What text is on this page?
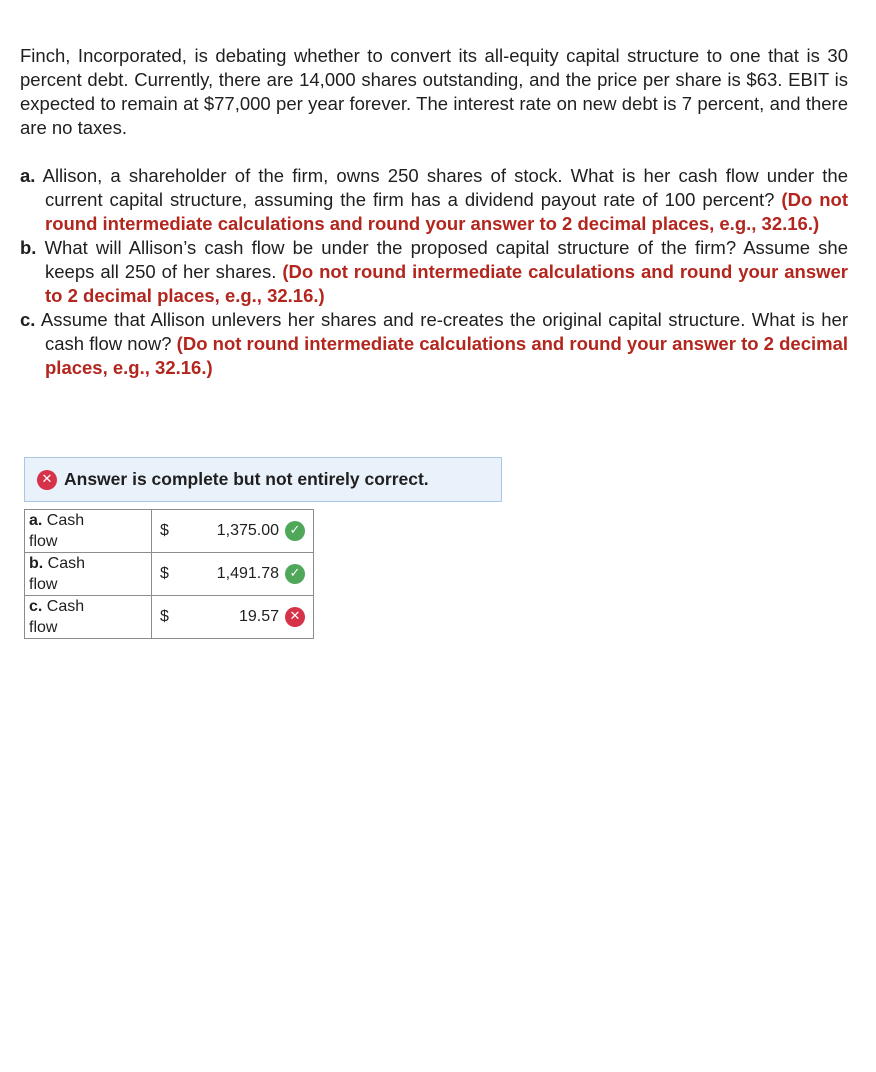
Finch, Incorporated, is debating whether to convert its all-equity capital structure to one that is 30 percent debt. Currently, there are 14,000 shares outstanding, and the price per share is $63. EBIT is expected to remain at $77,000 per year forever. The interest rate on new debt is 7 percent, and there are no taxes.

a. Allison, a shareholder of the firm, owns 250 shares of stock. What is her cash flow under the current capital structure, assuming the firm has a dividend payout rate of 100 percent? (Do not round intermediate calculations and round your answer to 2 decimal places, e.g., 32.16.)
b. What will Allison’s cash flow be under the proposed capital structure of the firm? Assume she keeps all 250 of her shares. (Do not round intermediate calculations and round your answer to 2 decimal places, e.g., 32.16.)
c. Assume that Allison unlevers her shares and re-creates the original capital structure. What is her cash flow now? (Do not round intermediate calculations and round your answer to 2 decimal places, e.g., 32.16.)
✕ Answer is complete but not entirely correct.
a. Cash
flow	$	1,375.00 ✓

b. Cash
flow	$	1,491.78 ✓

c. Cash
flow	$	19.57 ✕
